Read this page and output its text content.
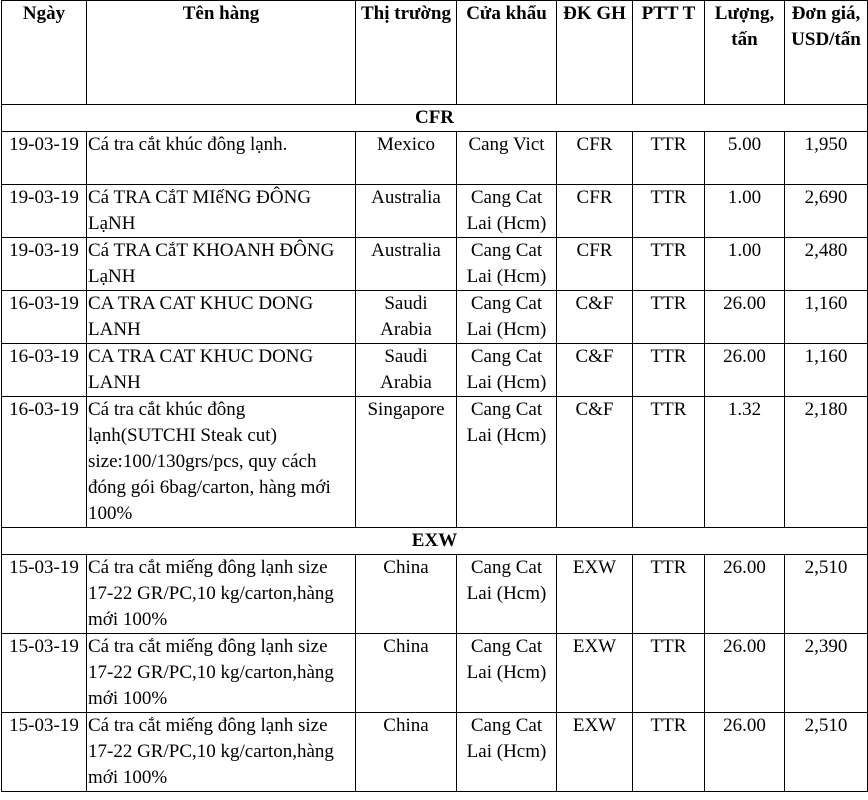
Ngày	Tên hàng	Thị trường	Cửa khẩu	ĐK GH	PTT T	Lượng, tấn	Đơn giá, USD/tấn
CFR							
19-03-19	Cá tra cắt khúc đông lạnh.	Mexico	Cang Vict	CFR	TTR	5.00	1,950
19-03-19	Cá TRA CắT MIếNG ĐÔNG LạNH	Australia	Cang Cat Lai (Hcm)	CFR	TTR	1.00	2,690
19-03-19	Cá TRA CắT KHOANH ĐÔNG LạNH	Australia	Cang Cat Lai (Hcm)	CFR	TTR	1.00	2,480
16-03-19	CA TRA CAT KHUC DONG LANH	Saudi Arabia	Cang Cat Lai (Hcm)	C&F	TTR	26.00	1,160
16-03-19	CA TRA CAT KHUC DONG LANH	Saudi Arabia	Cang Cat Lai (Hcm)	C&F	TTR	26.00	1,160
16-03-19	Cá tra cắt khúc đông lạnh(SUTCHI Steak cut) size:100/130grs/pcs, quy cách đóng gói 6bag/carton, hàng mới 100%	Singapore	Cang Cat Lai (Hcm)	C&F	TTR	1.32	2,180
EXW							
15-03-19	Cá tra cắt miếng đông lạnh size 17-22 GR/PC,10 kg/carton,hàng mới 100%	China	Cang Cat Lai (Hcm)	EXW	TTR	26.00	2,510
15-03-19	Cá tra cắt miếng đông lạnh size 17-22 GR/PC,10 kg/carton,hàng mới 100%	China	Cang Cat Lai (Hcm)	EXW	TTR	26.00	2,390
15-03-19	Cá tra cắt miếng đông lạnh size 17-22 GR/PC,10 kg/carton,hàng mới 100%	China	Cang Cat Lai (Hcm)	EXW	TTR	26.00	2,510
